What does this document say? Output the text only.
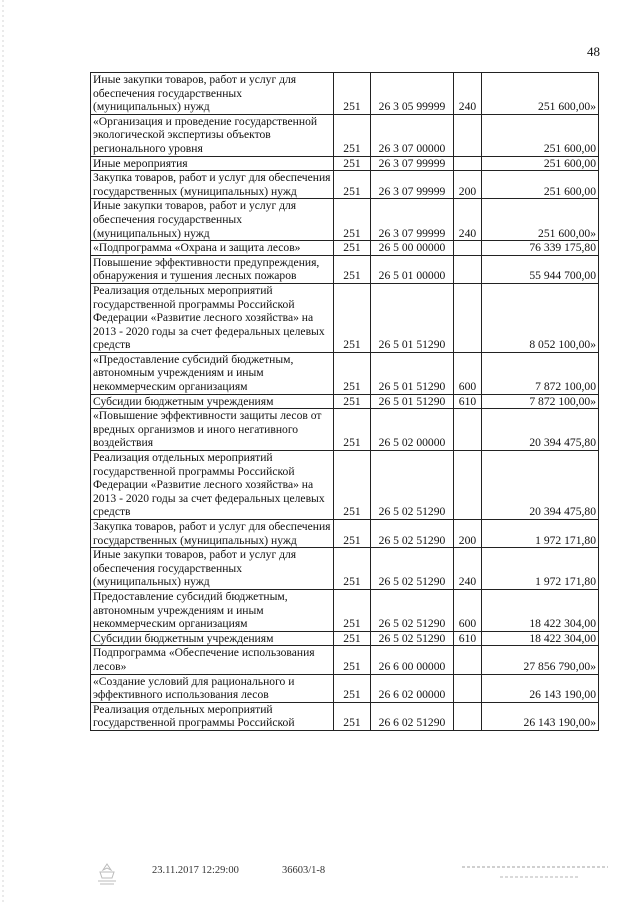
48
Иные закупки товаров, работ и услуг для обеспечения государственных (муниципальных) нужд	251	26 3 05 99999	240	251 600,00»
«Организация и проведение государственной экологической экспертизы объектов регионального уровня	251	26 3 07 00000		251 600,00
Иные мероприятия	251	26 3 07 99999		251 600,00
Закупка товаров, работ и услуг для обеспечения государственных (муниципальных) нужд	251	26 3 07 99999	200	251 600,00
Иные закупки товаров, работ и услуг для обеспечения государственных (муниципальных) нужд	251	26 3 07 99999	240	251 600,00»
«Подпрограмма «Охрана и защита лесов»	251	26 5 00 00000		76 339 175,80
Повышение эффективности предупреждения, обнаружения и тушения лесных пожаров	251	26 5 01 00000		55 944 700,00
Реализация отдельных мероприятий государственной программы Российской Федерации «Развитие лесного хозяйства» на 2013 - 2020 годы за счет федеральных целевых средств	251	26 5 01 51290		8 052 100,00»
«Предоставление субсидий бюджетным, автономным учреждениям и иным некоммерческим организациям	251	26 5 01 51290	600	7 872 100,00
Субсидии бюджетным учреждениям	251	26 5 01 51290	610	7 872 100,00»
«Повышение эффективности защиты лесов от вредных организмов и иного негативного воздействия	251	26 5 02 00000		20 394 475,80
Реализация отдельных мероприятий государственной программы Российской Федерации «Развитие лесного хозяйства» на 2013 - 2020 годы за счет федеральных целевых средств	251	26 5 02 51290		20 394 475,80
Закупка товаров, работ и услуг для обеспечения государственных (муниципальных) нужд	251	26 5 02 51290	200	1 972 171,80
Иные закупки товаров, работ и услуг для обеспечения государственных (муниципальных) нужд	251	26 5 02 51290	240	1 972 171,80
Предоставление субсидий бюджетным, автономным учреждениям и иным некоммерческим организациям	251	26 5 02 51290	600	18 422 304,00
Субсидии бюджетным учреждениям	251	26 5 02 51290	610	18 422 304,00
Подпрограмма «Обеспечение использования лесов»	251	26 6 00 00000		27 856 790,00»
«Создание условий для рационального и эффективного использования лесов	251	26 6 02 00000		26 143 190,00
Реализация отдельных мероприятий государственной программы Российской	251	26 6 02 51290		26 143 190,00»
23.11.2017 12:29:00	36603/1-8
